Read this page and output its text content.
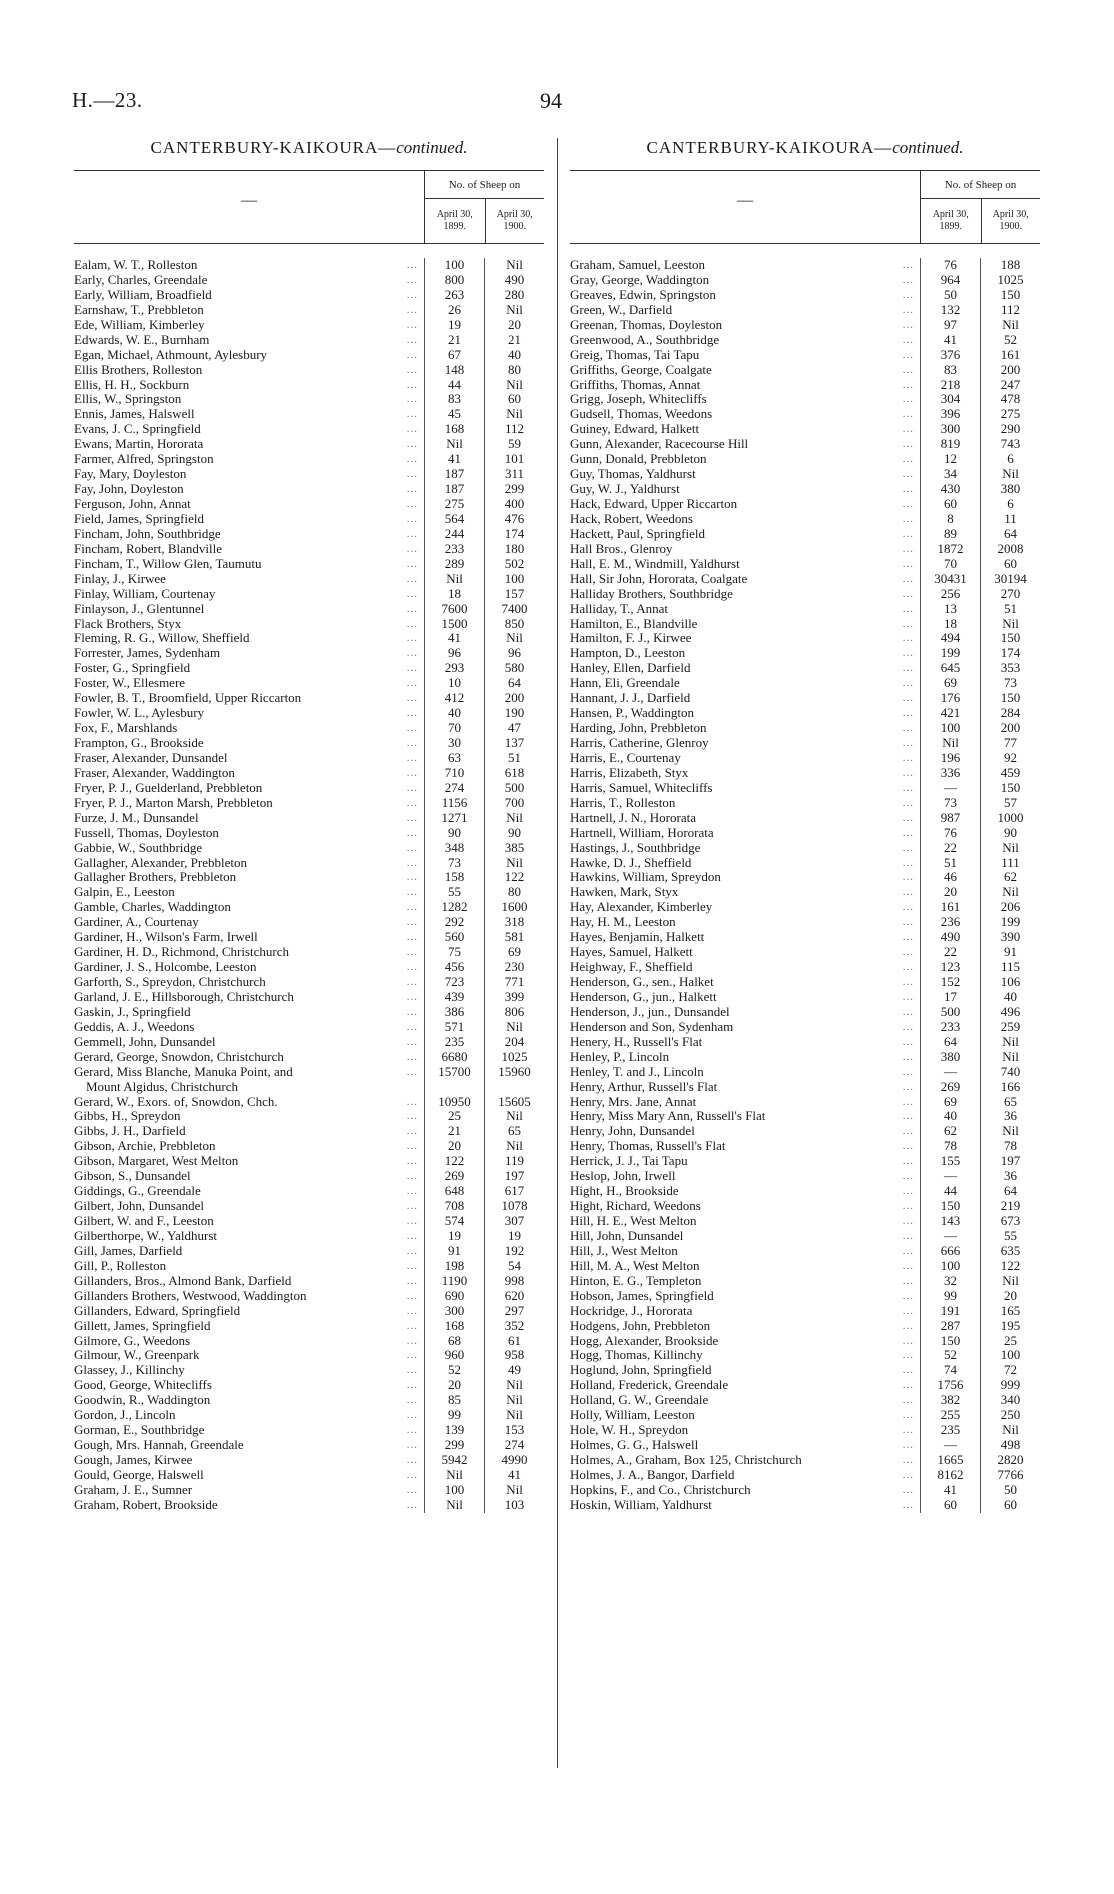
H.—23.	94
CANTERBURY-KAIKOURA—continued.
—
No. of Sheep on
April 30, 1899.
April 30, 1900.
Ealam, W. T., Rolleston	...	100	Nil
Early, Charles, Greendale	...	800	490
Early, William, Broadfield	...	263	280
Earnshaw, T., Prebbleton	...	26	Nil
Ede, William, Kimberley	...	19	20
Edwards, W. E., Burnham	...	21	21
Egan, Michael, Athmount, Aylesbury	...	67	40
Ellis Brothers, Rolleston	...	148	80
Ellis, H. H., Sockburn	...	44	Nil
Ellis, W., Springston	...	83	60
Ennis, James, Halswell	...	45	Nil
Evans, J. C., Springfield	...	168	112
Ewans, Martin, Hororata	...	Nil	59
Farmer, Alfred, Springston	...	41	101
Fay, Mary, Doyleston	...	187	311
Fay, John, Doyleston	...	187	299
Ferguson, John, Annat	...	275	400
Field, James, Springfield	...	564	476
Fincham, John, Southbridge	...	244	174
Fincham, Robert, Blandville	...	233	180
Fincham, T., Willow Glen, Taumutu	...	289	502
Finlay, J., Kirwee	...	Nil	100
Finlay, William, Courtenay	...	18	157
Finlayson, J., Glentunnel	...	7600	7400
Flack Brothers, Styx	...	1500	850
Fleming, R. G., Willow, Sheffield	...	41	Nil
Forrester, James, Sydenham	...	96	96
Foster, G., Springfield	...	293	580
Foster, W., Ellesmere	...	10	64
Fowler, B. T., Broomfield, Upper Riccarton	...	412	200
Fowler, W. L., Aylesbury	...	40	190
Fox, F., Marshlands	...	70	47
Frampton, G., Brookside	...	30	137
Fraser, Alexander, Dunsandel	...	63	51
Fraser, Alexander, Waddington	...	710	618
Fryer, P. J., Guelderland, Prebbleton	...	274	500
Fryer, P. J., Marton Marsh, Prebbleton	...	1156	700
Furze, J. M., Dunsandel	...	1271	Nil
Fussell, Thomas, Doyleston	...	90	90
Gabbie, W., Southbridge	...	348	385
Gallagher, Alexander, Prebbleton	...	73	Nil
Gallagher Brothers, Prebbleton	...	158	122
Galpin, E., Leeston	...	55	80
Gamble, Charles, Waddington	...	1282	1600
Gardiner, A., Courtenay	...	292	318
Gardiner, H., Wilson's Farm, Irwell	...	560	581
Gardiner, H. D., Richmond, Christchurch	...	75	69
Gardiner, J. S., Holcombe, Leeston	...	456	230
Garforth, S., Spreydon, Christchurch	...	723	771
Garland, J. E., Hillsborough, Christchurch	...	439	399
Gaskin, J., Springfield	...	386	806
Geddis, A. J., Weedons	...	571	Nil
Gemmell, John, Dunsandel	...	235	204
Gerard, George, Snowdon, Christchurch	...	6680	1025
Gerard, Miss Blanche, Manuka Point, and	...	15700	15960
Mount Algidus, Christchurch
Gerard, W., Exors. of, Snowdon, Chch.	...	10950	15605
Gibbs, H., Spreydon	...	25	Nil
Gibbs, J. H., Darfield	...	21	65
Gibson, Archie, Prebbleton	...	20	Nil
Gibson, Margaret, West Melton	...	122	119
Gibson, S., Dunsandel	...	269	197
Giddings, G., Greendale	...	648	617
Gilbert, John, Dunsandel	...	708	1078
Gilbert, W. and F., Leeston	...	574	307
Gilberthorpe, W., Yaldhurst	...	19	19
Gill, James, Darfield	...	91	192
Gill, P., Rolleston	...	198	54
Gillanders, Bros., Almond Bank, Darfield	...	1190	998
Gillanders Brothers, Westwood, Waddington	...	690	620
Gillanders, Edward, Springfield	...	300	297
Gillett, James, Springfield	...	168	352
Gilmore, G., Weedons	...	68	61
Gilmour, W., Greenpark	...	960	958
Glassey, J., Killinchy	...	52	49
Good, George, Whitecliffs	...	20	Nil
Goodwin, R., Waddington	...	85	Nil
Gordon, J., Lincoln	...	99	Nil
Gorman, E., Southbridge	...	139	153
Gough, Mrs. Hannah, Greendale	...	299	274
Gough, James, Kirwee	...	5942	4990
Gould, George, Halswell	...	Nil	41
Graham, J. E., Sumner	...	100	Nil
Graham, Robert, Brookside	...	Nil	103
CANTERBURY-KAIKOURA—continued.
—
No. of Sheep on
April 30, 1899.
April 30, 1900.
Graham, Samuel, Leeston	...	76	188
Gray, George, Waddington	...	964	1025
Greaves, Edwin, Springston	...	50	150
Green, W., Darfield	...	132	112
Greenan, Thomas, Doyleston	...	97	Nil
Greenwood, A., Southbridge	...	41	52
Greig, Thomas, Tai Tapu	...	376	161
Griffiths, George, Coalgate	...	83	200
Griffiths, Thomas, Annat	...	218	247
Grigg, Joseph, Whitecliffs	...	304	478
Gudsell, Thomas, Weedons	...	396	275
Guiney, Edward, Halkett	...	300	290
Gunn, Alexander, Racecourse Hill	...	819	743
Gunn, Donald, Prebbleton	...	12	6
Guy, Thomas, Yaldhurst	...	34	Nil
Guy, W. J., Yaldhurst	...	430	380
Hack, Edward, Upper Riccarton	...	60	6
Hack, Robert, Weedons	...	8	11
Hackett, Paul, Springfield	...	89	64
Hall Bros., Glenroy	...	1872	2008
Hall, E. M., Windmill, Yaldhurst	...	70	60
Hall, Sir John, Hororata, Coalgate	...	30431	30194
Halliday Brothers, Southbridge	...	256	270
Halliday, T., Annat	...	13	51
Hamilton, E., Blandville	...	18	Nil
Hamilton, F. J., Kirwee	...	494	150
Hampton, D., Leeston	...	199	174
Hanley, Ellen, Darfield	...	645	353
Hann, Eli, Greendale	...	69	73
Hannant, J. J., Darfield	...	176	150
Hansen, P., Waddington	...	421	284
Harding, John, Prebbleton	...	100	200
Harris, Catherine, Glenroy	...	Nil	77
Harris, E., Courtenay	...	196	92
Harris, Elizabeth, Styx	...	336	459
Harris, Samuel, Whitecliffs	...	—	150
Harris, T., Rolleston	...	73	57
Hartnell, J. N., Hororata	...	987	1000
Hartnell, William, Hororata	...	76	90
Hastings, J., Southbridge	...	22	Nil
Hawke, D. J., Sheffield	...	51	111
Hawkins, William, Spreydon	...	46	62
Hawken, Mark, Styx	...	20	Nil
Hay, Alexander, Kimberley	...	161	206
Hay, H. M., Leeston	...	236	199
Hayes, Benjamin, Halkett	...	490	390
Hayes, Samuel, Halkett	...	22	91
Heighway, F., Sheffield	...	123	115
Henderson, G., sen., Halket	...	152	106
Henderson, G., jun., Halkett	...	17	40
Henderson, J., jun., Dunsandel	...	500	496
Henderson and Son, Sydenham	...	233	259
Henery, H., Russell's Flat	...	64	Nil
Henley, P., Lincoln	...	380	Nil
Henley, T. and J., Lincoln	...	—	740
Henry, Arthur, Russell's Flat	...	269	166
Henry, Mrs. Jane, Annat	...	69	65
Henry, Miss Mary Ann, Russell's Flat	...	40	36
Henry, John, Dunsandel	...	62	Nil
Henry, Thomas, Russell's Flat	...	78	78
Herrick, J. J., Tai Tapu	...	155	197
Heslop, John, Irwell	...	—	36
Hight, H., Brookside	...	44	64
Hight, Richard, Weedons	...	150	219
Hill, H. E., West Melton	...	143	673
Hill, John, Dunsandel	...	—	55
Hill, J., West Melton	...	666	635
Hill, M. A., West Melton	...	100	122
Hinton, E. G., Templeton	...	32	Nil
Hobson, James, Springfield	...	99	20
Hockridge, J., Hororata	...	191	165
Hodgens, John, Prebbleton	...	287	195
Hogg, Alexander, Brookside	...	150	25
Hogg, Thomas, Killinchy	...	52	100
Hoglund, John, Springfield	...	74	72
Holland, Frederick, Greendale	...	1756	999
Holland, G. W., Greendale	...	382	340
Holly, William, Leeston	...	255	250
Hole, W. H., Spreydon	...	235	Nil
Holmes, G. G., Halswell	...	—	498
Holmes, A., Graham, Box 125, Christchurch	...	1665	2820
Holmes, J. A., Bangor, Darfield	...	8162	7766
Hopkins, F., and Co., Christchurch	...	41	50
Hoskin, William, Yaldhurst	...	60	60
